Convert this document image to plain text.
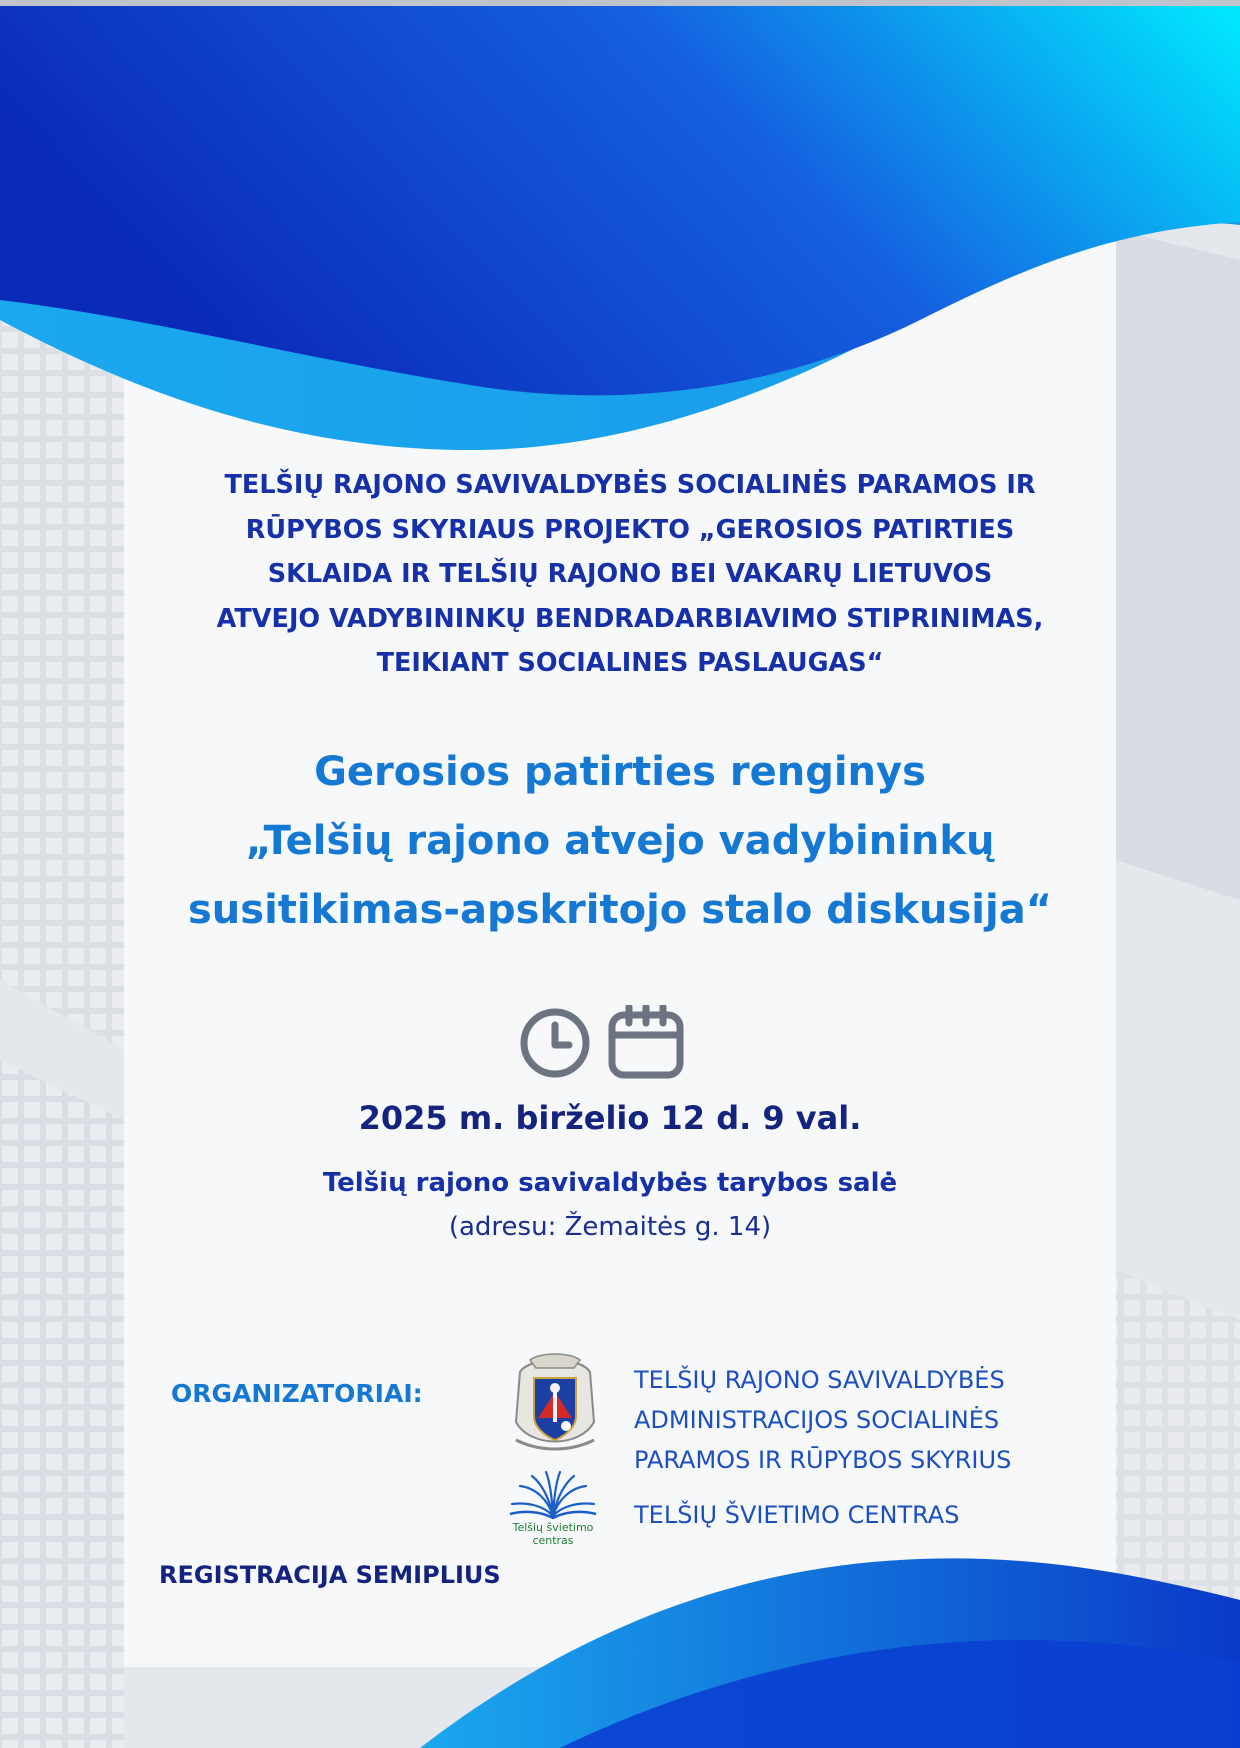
TELŠIŲ RAJONO SAVIVALDYBĖS SOCIALINĖS PARAMOS IR
RŪPYBOS SKYRIAUS PROJEKTO „GEROSIOS PATIRTIES
SKLAIDA IR TELŠIŲ RAJONO BEI VAKARŲ LIETUVOS
ATVEJO VADYBININKŲ BENDRADARBIAVIMO STIPRINIMAS,
TEIKIANT SOCIALINES PASLAUGAS“
Gerosios patirties renginys
„Telšių rajono atvejo vadybininkų
susitikimas-apskritojo stalo diskusija“
2025 m. birželio 12 d. 9 val.
Telšių rajono savivaldybės tarybos salė
(adresu: Žemaitės g. 14)
ORGANIZATORIAI:	TELŠIŲ RAJONO SAVIVALDYBĖS
ADMINISTRACIJOS SOCIALINĖS
PARAMOS IR RŪPYBOS SKYRIUS
Telšių švietimo
centras
TELŠIŲ ŠVIETIMO CENTRAS
REGISTRACIJA SEMIPLIUS
